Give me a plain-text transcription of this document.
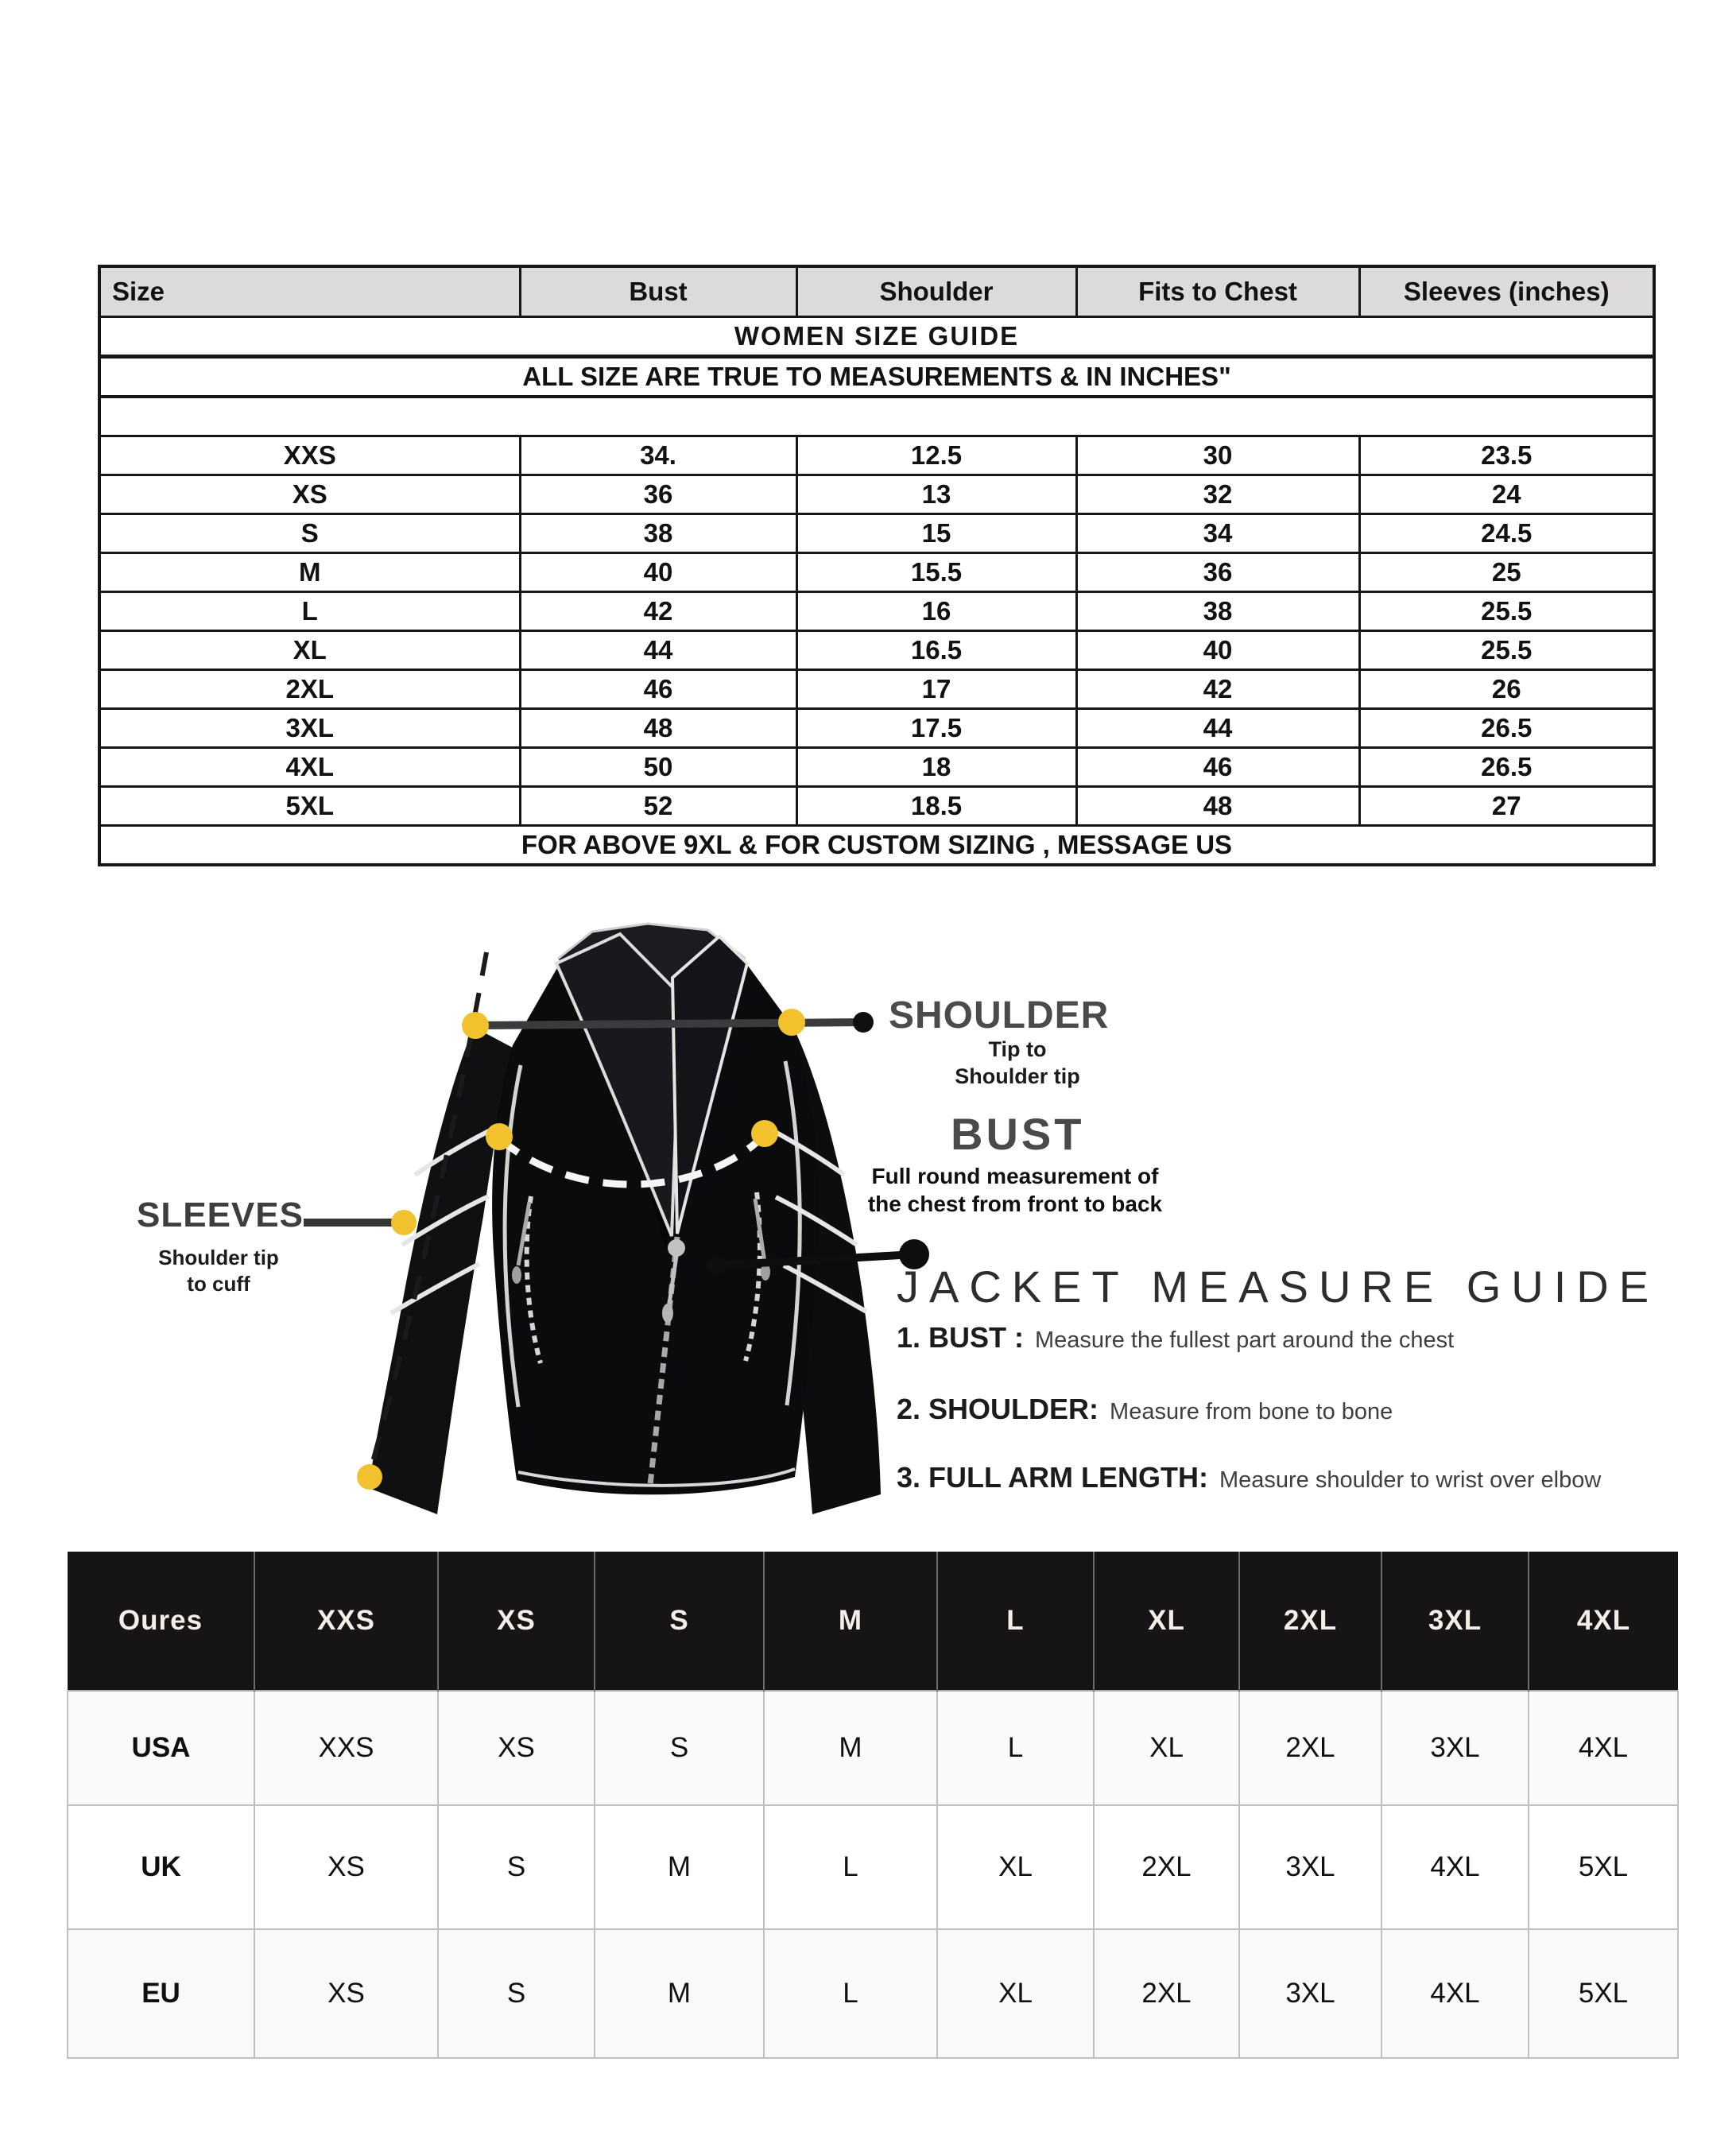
WOMEN SIZE GUIDE				
ALL SIZE ARE TRUE TO MEASUREMENTS & IN INCHES"				

Size	Bust	Shoulder	Fits to Chest	Sleeves (inches)
XXS	34.	12.5	30	23.5
XS	36	13	32	24
S	38	15	34	24.5
M	40	15.5	36	25
L	42	16	38	25.5
XL	44	16.5	40	25.5
2XL	46	17	42	26
3XL	48	17.5	44	26.5
4XL	50	18	46	26.5
5XL	52	18.5	48	27
FOR ABOVE 9XL & FOR CUSTOM SIZING , MESSAGE US				
SHOULDER
Tip to
Shoulder tip
BUST
Full round measurement of
the chest from front to back
SLEEVES
Shoulder tip
to cuff	JACKET MEASURE GUIDE
1. BUST : Measure the fullest part around the chest
2. SHOULDER: Measure from bone to bone
3. FULL ARM LENGTH: Measure shoulder to wrist over elbow
Oures	XXS	XS	S	M	L	XL	2XL	3XL	4XL
USA	XXS	XS	S	M	L	XL	2XL	3XL	4XL
UK	XS	S	M	L	XL	2XL	3XL	4XL	5XL
EU	XS	S	M	L	XL	2XL	3XL	4XL	5XL
